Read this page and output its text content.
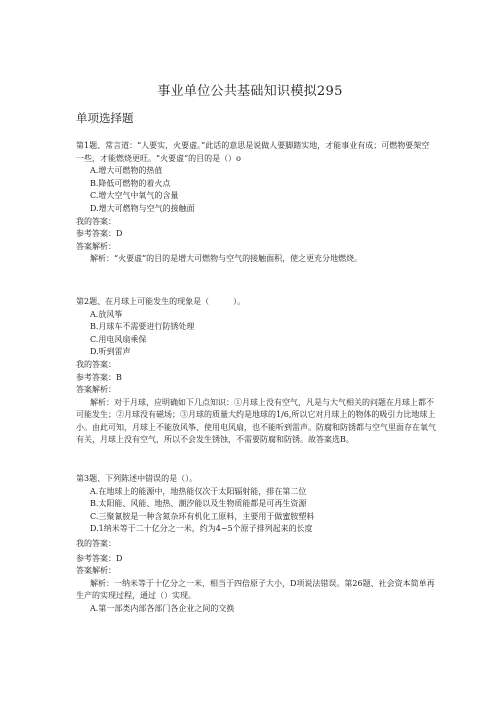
事业单位公共基础知识模拟295
单项选择题

第1题、常言道：“人要实，火要虚。”此话的意思是说做人要脚踏实地，才能事业有成；可燃物要架空一些，才能燃烧更旺。“火要虚”的目的是（）o

A.增大可燃物的热值

B.降低可燃物的着火点

C.增大空气中氧气的含量

D.增大可燃物与空气的接触面

我的答案：

参考答案：D

答案解析：

解析：“火要虚”的目的是增大可燃物与空气的接触面积，使之更充分地燃烧。

第2题、在月球上可能发生的现象是（　　　）。

A.放风筝

B.月球车不需要进行防锈处理

C.用电风扇乘保

D.听到雷声

我的答案：

参考答案：B

答案解析：

解析：对于月球，应明确如下几点知识：①月球上没有空气，凡是与大气相关的问题在月球上都不可能发生；②月球没有磁场；③月球的质量大约是地球的1/6,所以它对月球上的物体的吸引力比地球上小。由此可知，月球上不能放风筝、使用电风扇，也不能听到雷声。防腐和防锈都与空气里面存在氧气有关，月球上没有空气，所以不会发生锈蚀，不需要防腐和防锈。故答案选B。

第3题、下列陈述中错误的是（）。

A.在地球上的能源中，地热能仅次于太阳辐射能，排在第二位

B.太阳能、风能、地热、潮汐能以及生物质能都是可再生资源

C.三聚氰胺是一种含氮杂环有机化工原料，主要用于做蜜胺塑料

D.1纳米等于二十亿分之一米，约为4~5个原子排列起来的长度

我的答案：

参考答案：D

答案解析：

解析：一纳米等于十亿分之一米，相当于四倍原子大小，D项说法错误。第26题、社会资本简单再生产的实现过程，通过（）实现。

A.第一部类内部各部门各企业之间的交换
